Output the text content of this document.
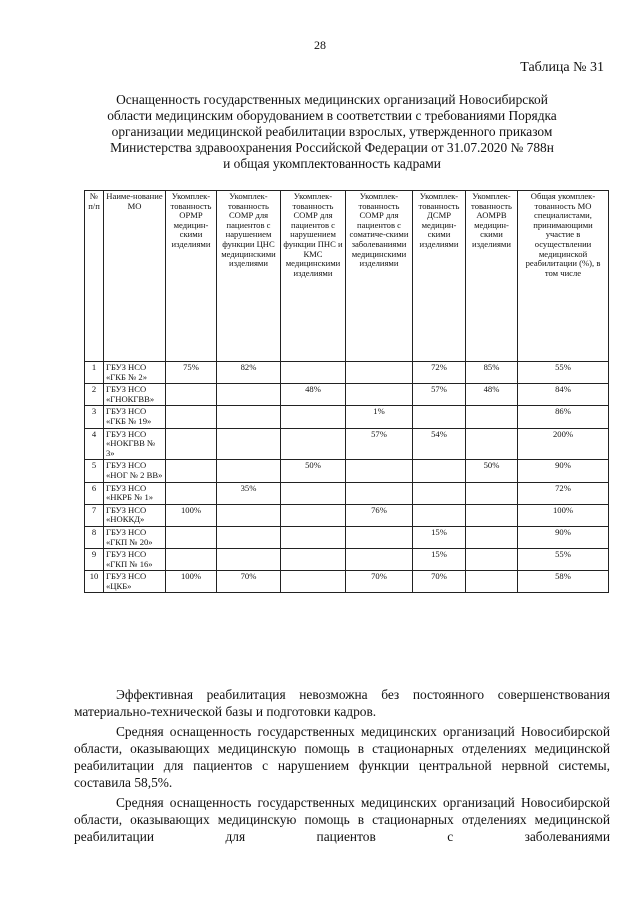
28
Таблица № 31
Оснащенность государственных медицинских организаций Новосибирской
области медицинским оборудованием в соответствии с требованиями Порядка
организации медицинской реабилитации взрослых, утвержденного приказом
Министерства здравоохранения Российской Федерации от 31.07.2020 № 788н
и общая укомплектованность кадрами
№ п/п	Наиме-нование МО	Укомплек-тованность ОРМР медицин-скими изделиями	Укомплек-тованность СОМР для пациентов с нарушением функции ЦНС медицинскими изделиями	Укомплек-тованность СОМР для пациентов с нарушением функции ПНС и КМС медицинскими изделиями	Укомплек-тованность СОМР для пациентов с соматиче-скими заболеваниями медицинскими изделиями	Укомплек-тованность ДСМР медицин-скими изделиями	Укомплек-тованность АОМРВ медицин-скими изделиями	Общая укомплек-тованность МО специалистами, принимающими участие в осуществлении медицинской реабилитации (%), в том числе
1	ГБУЗ НСО «ГКБ № 2»	75%	82%			72%	85%	55%
2	ГБУЗ НСО «ГНОКГВВ»			48%		57%	48%	84%
3	ГБУЗ НСО «ГКБ № 19»				1%			86%
4	ГБУЗ НСО «НОКГВВ № 3»				57%	54%		200%
5	ГБУЗ НСО «НОГ № 2 ВВ»			50%			50%	90%
6	ГБУЗ НСО «НКРБ № 1»		35%					72%
7	ГБУЗ НСО «НОККД»	100%			76%			100%
8	ГБУЗ НСО «ГКП № 20»					15%		90%
9	ГБУЗ НСО «ГКП № 16»					15%		55%
10	ГБУЗ НСО «ЦКБ»	100%	70%		70%	70%		58%

Эффективная реабилитация невозможна без постоянного совершенствования материально-технической базы и подготовки кадров.

Средняя оснащенность государственных медицинских организаций Новосибирской области, оказывающих медицинскую помощь в стационарных отделениях медицинской реабилитации для пациентов с нарушением функции центральной нервной системы, составила 58,5%.

Средняя оснащенность государственных медицинских организаций Новосибирской области, оказывающих медицинскую помощь в стационарных отделениях медицинской реабилитации для пациентов с заболеваниями
